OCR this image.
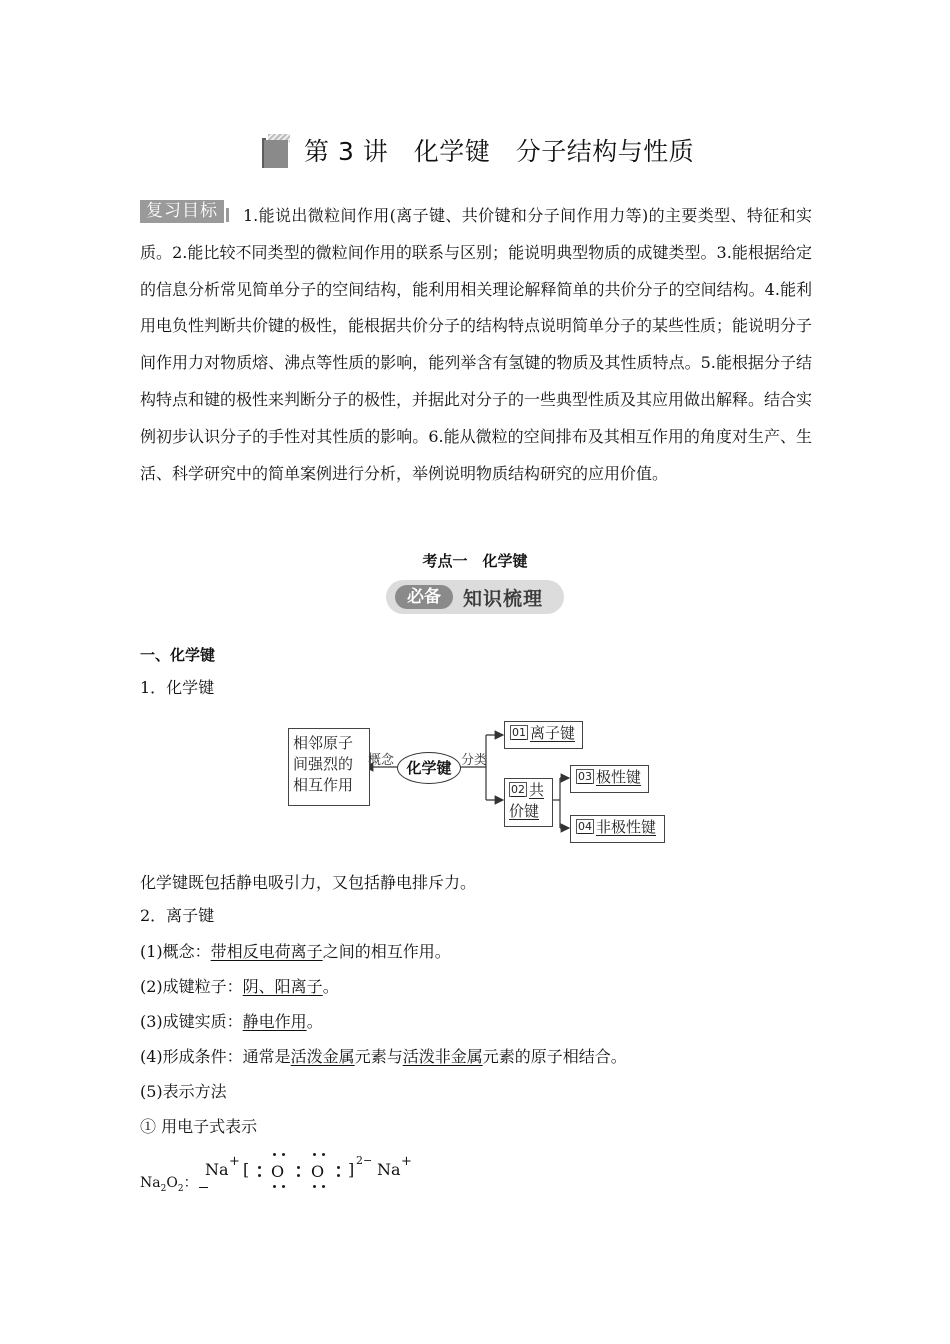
第 3 讲　化学键　分子结构与性质
复习目标	1.能说出微粒间作用(离子键、共价键和分子间作用力等)的主要类型、特征和实质。2.能比较不同类型的微粒间作用的联系与区别；能说明典型物质的成键类型。3.能根据给定的信息分析常见简单分子的空间结构，能利用相关理论解释简单的共价分子的空间结构。4.能利用电负性判断共价键的极性，能根据共价分子的结构特点说明简单分子的某些性质；能说明分子间作用力对物质熔、沸点等性质的影响，能列举含有氢键的物质及其性质特点。5.能根据分子结构特点和键的极性来判断分子的极性，并据此对分子的一些典型性质及其应用做出解释。结合实例初步认识分子的手性对其性质的影响。6.能从微粒的空间排布及其相互作用的角度对生产、生活、科学研究中的简单案例进行分析，举例说明物质结构研究的应用价值。
考点一　化学键
必备	知识梳理
一、化学键
1．化学键
相邻原子
间强烈的
相互作用
概念 化学键 分类
01 离子键
02 共
价键
03 极性键
04 非极性键
化学键既包括静电吸引力，又包括静电排斥力。
2．离子键
(1)概念：带相反电荷离子之间的相互作用。
(2)成键粒子：阴、阳离子。
(3)成键实质：静电作用。
(4)形成条件：通常是活泼金属元素与活泼非金属元素的原子相结合。
(5)表示方法
① 用电子式表示
$Na_2O_2$：
Na + [ O O ] 2− Na +
